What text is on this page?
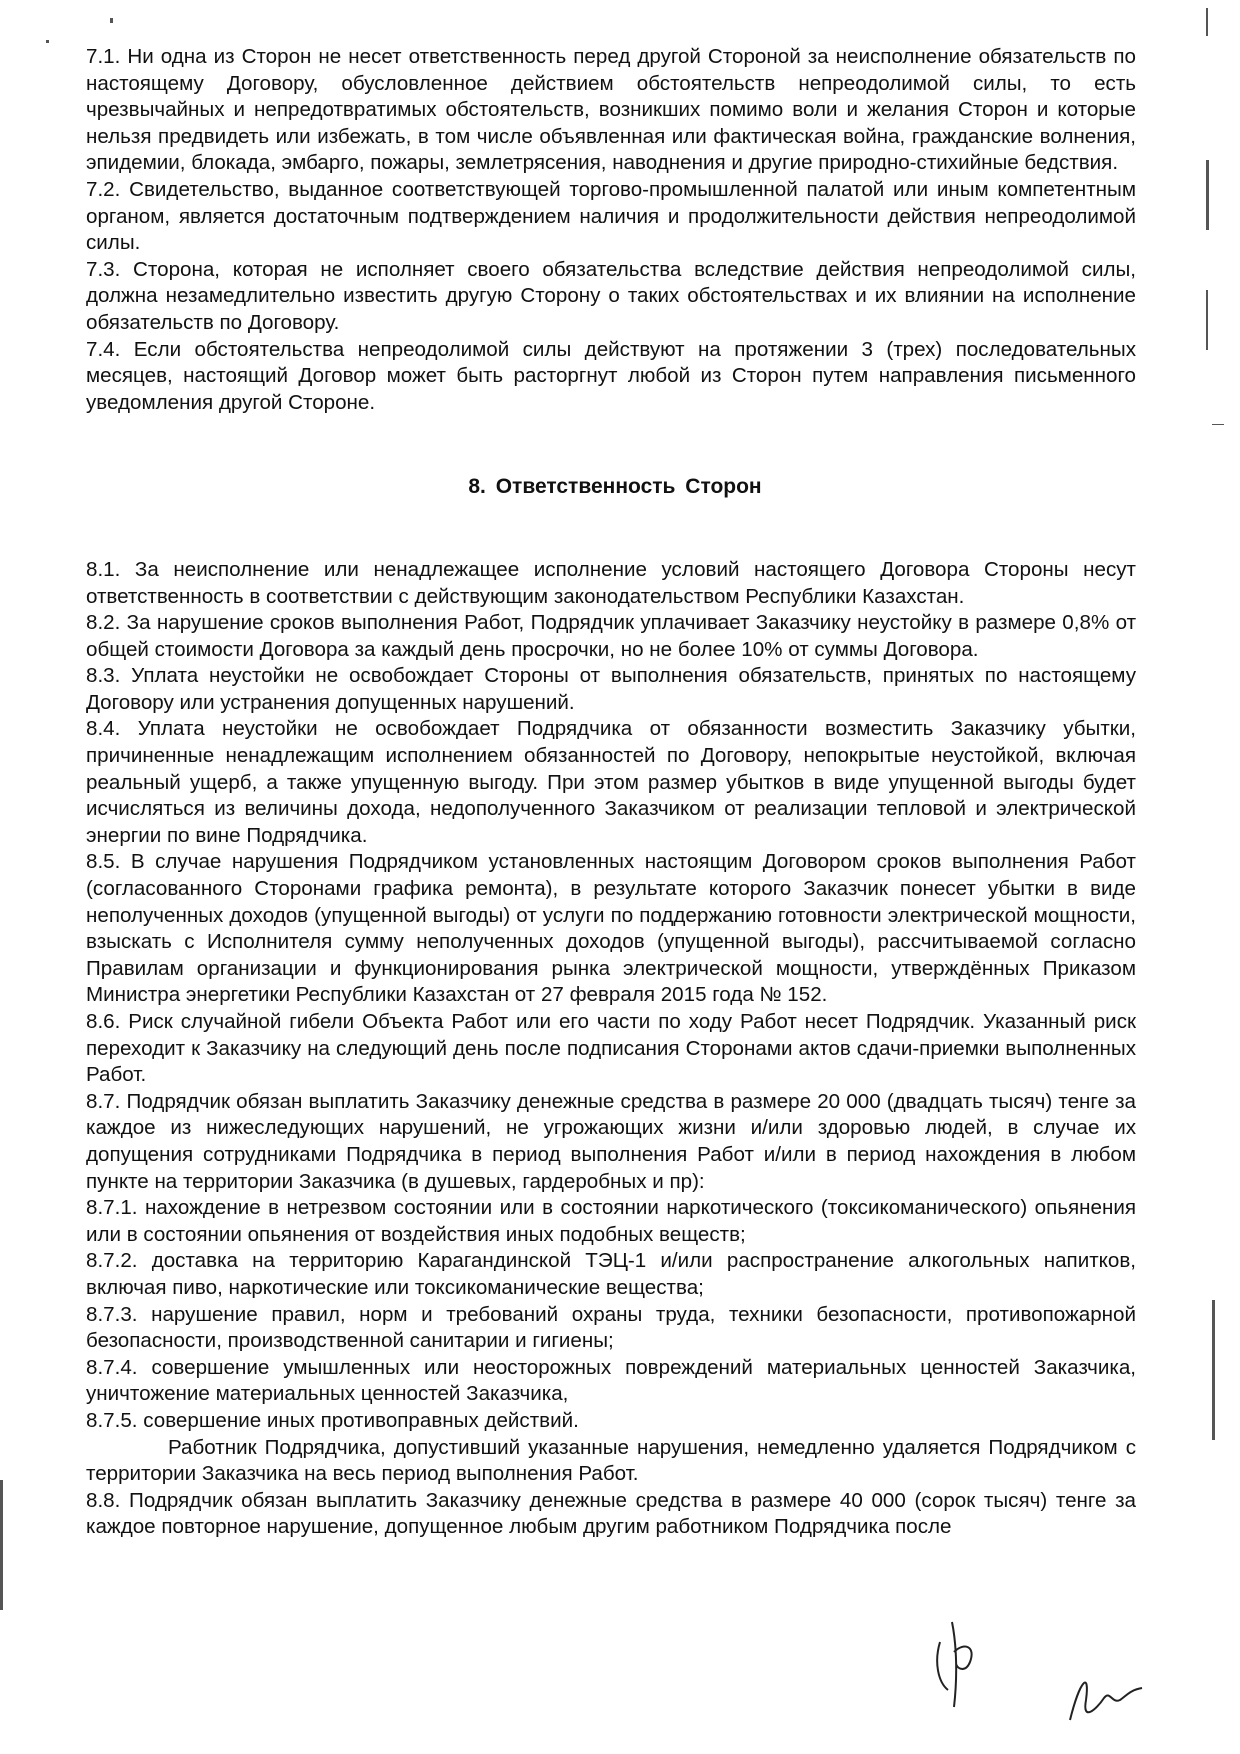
7.1. Ни одна из Сторон не несет ответственность перед другой Стороной за неисполнение обязательств по настоящему Договору, обусловленное действием обстоятельств непреодолимой силы, то есть чрезвычайных и непредотвратимых обстоятельств, возникших помимо воли и желания Сторон и которые нельзя предвидеть или избежать, в том числе объявленная или фактическая война, гражданские волнения, эпидемии, блокада, эмбарго, пожары, землетрясения, наводнения и другие природно-стихийные бедствия.

7.2. Свидетельство, выданное соответствующей торгово-промышленной палатой или иным компетентным органом, является достаточным подтверждением наличия и продолжительности действия непреодолимой силы.

7.3. Сторона, которая не исполняет своего обязательства вследствие действия непреодолимой силы, должна незамедлительно известить другую Сторону о таких обстоятельствах и их влиянии на исполнение обязательств по Договору.

7.4. Если обстоятельства непреодолимой силы действуют на протяжении 3 (трех) последовательных месяцев, настоящий Договор может быть расторгнут любой из Сторон путем направления письменного уведомления другой Стороне.

8. Ответственность Сторон

8.1. За неисполнение или ненадлежащее исполнение условий настоящего Договора Стороны несут ответственность в соответствии с действующим законодательством Республики Казахстан.

8.2. За нарушение сроков выполнения Работ, Подрядчик уплачивает Заказчику неустойку в размере 0,8% от общей стоимости Договора за каждый день просрочки, но не более 10% от суммы Договора.

8.3. Уплата неустойки не освобождает Стороны от выполнения обязательств, принятых по настоящему Договору или устранения допущенных нарушений.

8.4. Уплата неустойки не освобождает Подрядчика от обязанности возместить Заказчику убытки, причиненные ненадлежащим исполнением обязанностей по Договору, непокрытые неустойкой, включая реальный ущерб, а также упущенную выгоду. При этом размер убытков в виде упущенной выгоды будет исчисляться из величины дохода, недополученного Заказчиком от реализации тепловой и электрической энергии по вине Подрядчика.

8.5. В случае нарушения Подрядчиком установленных настоящим Договором сроков выполнения Работ (согласованного Сторонами графика ремонта), в результате которого Заказчик понесет убытки в виде неполученных доходов (упущенной выгоды) от услуги по поддержанию готовности электрической мощности, взыскать с Исполнителя сумму неполученных доходов (упущенной выгоды), рассчитываемой согласно Правилам организации и функционирования рынка электрической мощности, утверждённых Приказом Министра энергетики Республики Казахстан от 27 февраля 2015 года № 152.

8.6. Риск случайной гибели Объекта Работ или его части по ходу Работ несет Подрядчик. Указанный риск переходит к Заказчику на следующий день после подписания Сторонами актов сдачи-приемки выполненных Работ.

8.7. Подрядчик обязан выплатить Заказчику денежные средства в размере 20 000 (двадцать тысяч) тенге за каждое из нижеследующих нарушений, не угрожающих жизни и/или здоровью людей, в случае их допущения сотрудниками Подрядчика в период выполнения Работ и/или в период нахождения в любом пункте на территории Заказчика (в душевых, гардеробных и пр):

8.7.1. нахождение в нетрезвом состоянии или в состоянии наркотического (токсикоманического) опьянения или в состоянии опьянения от воздействия иных подобных веществ;

8.7.2. доставка на территорию Карагандинской ТЭЦ-1 и/или распространение алкогольных напитков, включая пиво, наркотические или токсикоманические вещества;

8.7.3. нарушение правил, норм и требований охраны труда, техники безопасности, противопожарной безопасности, производственной санитарии и гигиены;

8.7.4. совершение умышленных или неосторожных повреждений материальных ценностей Заказчика, уничтожение материальных ценностей Заказчика,

8.7.5. совершение иных противоправных действий.

Работник Подрядчика, допустивший указанные нарушения, немедленно удаляется Подрядчиком с территории Заказчика на весь период выполнения Работ.

8.8. Подрядчик обязан выплатить Заказчику денежные средства в размере 40 000 (сорок тысяч) тенге за каждое повторное нарушение, допущенное любым другим работником Подрядчика после
